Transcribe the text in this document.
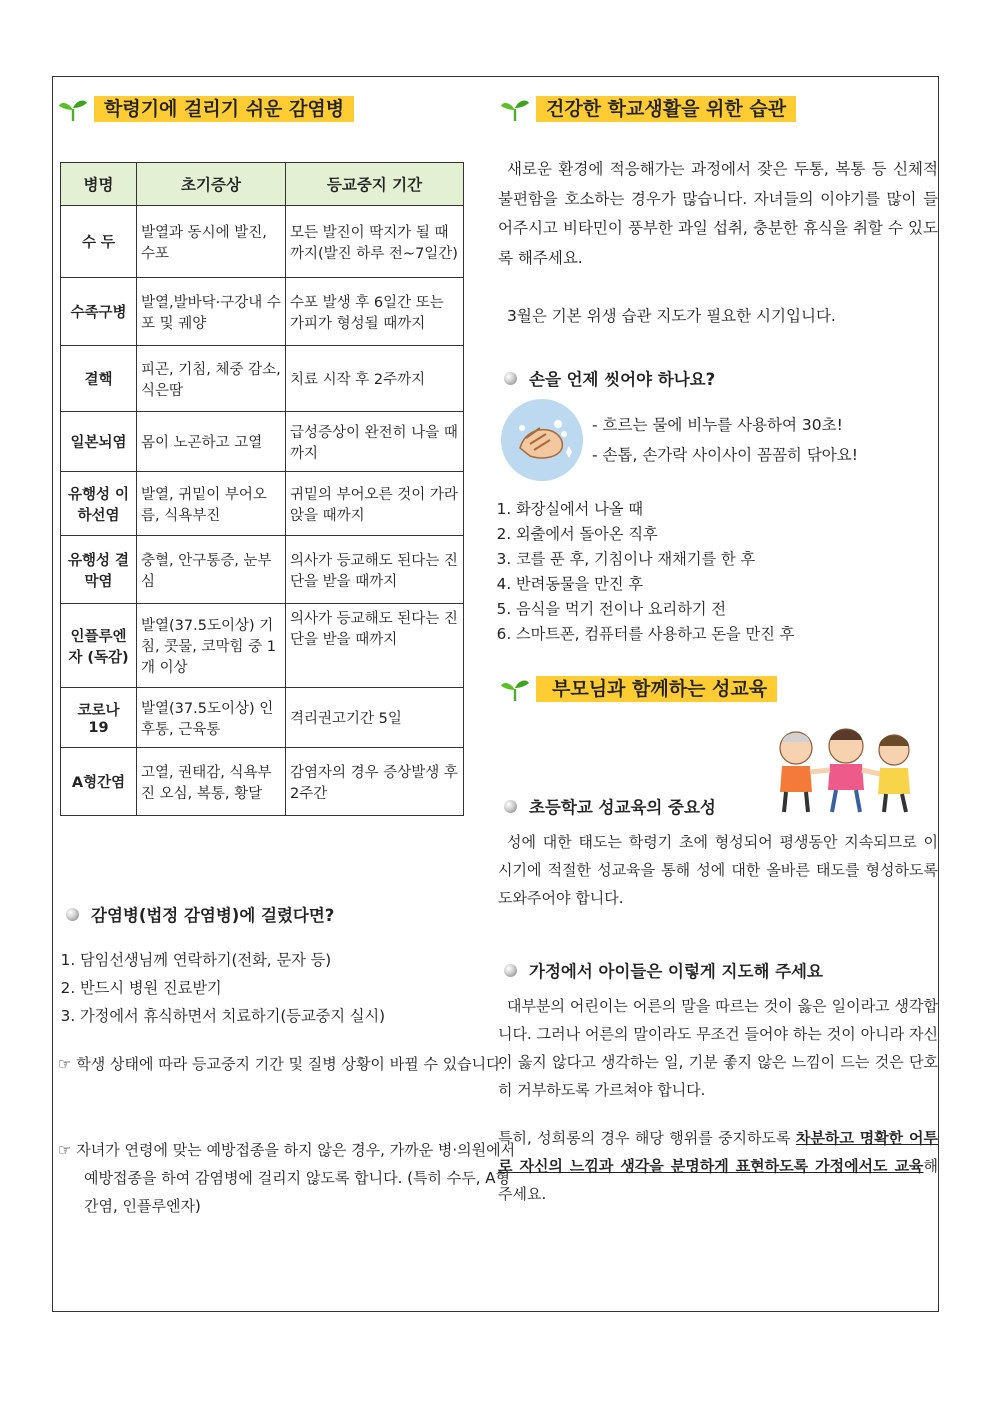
학령기에 걸리기 쉬운 감염병
병명	초기증상	등교중지 기간
수 두	발열과 동시에 발진, 수포	모든 발진이 딱지가 될 때까지(발진 하루 전~7일간)
수족구병	발열,발바닥·구강내 수포 및 궤양	수포 발생 후 6일간 또는 가피가 형성될 때까지
결핵	피곤, 기침, 체중 감소, 식은땀	치료 시작 후 2주까지
일본뇌염	몸이 노곤하고 고열	급성증상이 완전히 나을 때까지
유행성 이하선염	발열, 귀밑이 부어오름, 식욕부진	귀밑의 부어오른 것이 가라앉을 때까지
유행성 결막염	충혈, 안구통증, 눈부심	의사가 등교해도 된다는 진단을 받을 때까지
인플루엔자 (독감)	발열(37.5도이상) 기침, 콧물, 코막힘 중 1개 이상	의사가 등교해도 된다는 진단을 받을 때까지
코로나 19	발열(37.5도이상) 인후통, 근육통	격리권고기간 5일
A형간염	고열, 권태감, 식욕부진 오심, 복통, 황달	감염자의 경우 증상발생 후 2주간
감염병(법정 감염병)에 걸렸다면?
1. 담임선생님께 연락하기(전화, 문자 등)
2. 반드시 병원 진료받기
3. 가정에서 휴식하면서 치료하기(등교중지 실시)
☞ 학생 상태에 따라 등교중지 기간 및 질병 상황이 바뀔 수 있습니다.
☞ 자녀가 연령에 맞는 예방접종을 하지 않은 경우, 가까운 병·의원에서 예방접종을 하여 감염병에 걸리지 않도록 합니다. (특히 수두, A형 간염, 인플루엔자)
건강한 학교생활을 위한 습관
새로운 환경에 적응해가는 과정에서 잦은 두통, 복통 등 신체적 불편함을 호소하는 경우가 많습니다. 자녀들의 이야기를 많이 들어주시고 비타민이 풍부한 과일 섭취, 충분한 휴식을 취할 수 있도록 해주세요.
3월은 기본 위생 습관 지도가 필요한 시기입니다.
손을 언제 씻어야 하나요?
- 흐르는 물에 비누를 사용하여 30초!
- 손톱, 손가락 사이사이 꼼꼼히 닦아요!
1. 화장실에서 나올 때
2. 외출에서 돌아온 직후
3. 코를 푼 후, 기침이나 재채기를 한 후
4. 반려동물을 만진 후
5. 음식을 먹기 전이나 요리하기 전
6. 스마트폰, 컴퓨터를 사용하고 돈을 만진 후
부모님과 함께하는 성교육
초등학교 성교육의 중요성
성에 대한 태도는 학령기 초에 형성되어 평생동안 지속되므로 이 시기에 적절한 성교육을 통해 성에 대한 올바른 태도를 형성하도록 도와주어야 합니다.
가정에서 아이들은 이렇게 지도해 주세요
대부분의 어린이는 어른의 말을 따르는 것이 옳은 일이라고 생각합니다. 그러나 어른의 말이라도 무조건 들어야 하는 것이 아니라 자신이 옳지 않다고 생각하는 일, 기분 좋지 않은 느낌이 드는 것은 단호히 거부하도록 가르쳐야 합니다.
특히, 성희롱의 경우 해당 행위를 중지하도록 차분하고 명확한 어투로 자신의 느낌과 생각을 분명하게 표현하도록 가정에서도 교육해 주세요.
